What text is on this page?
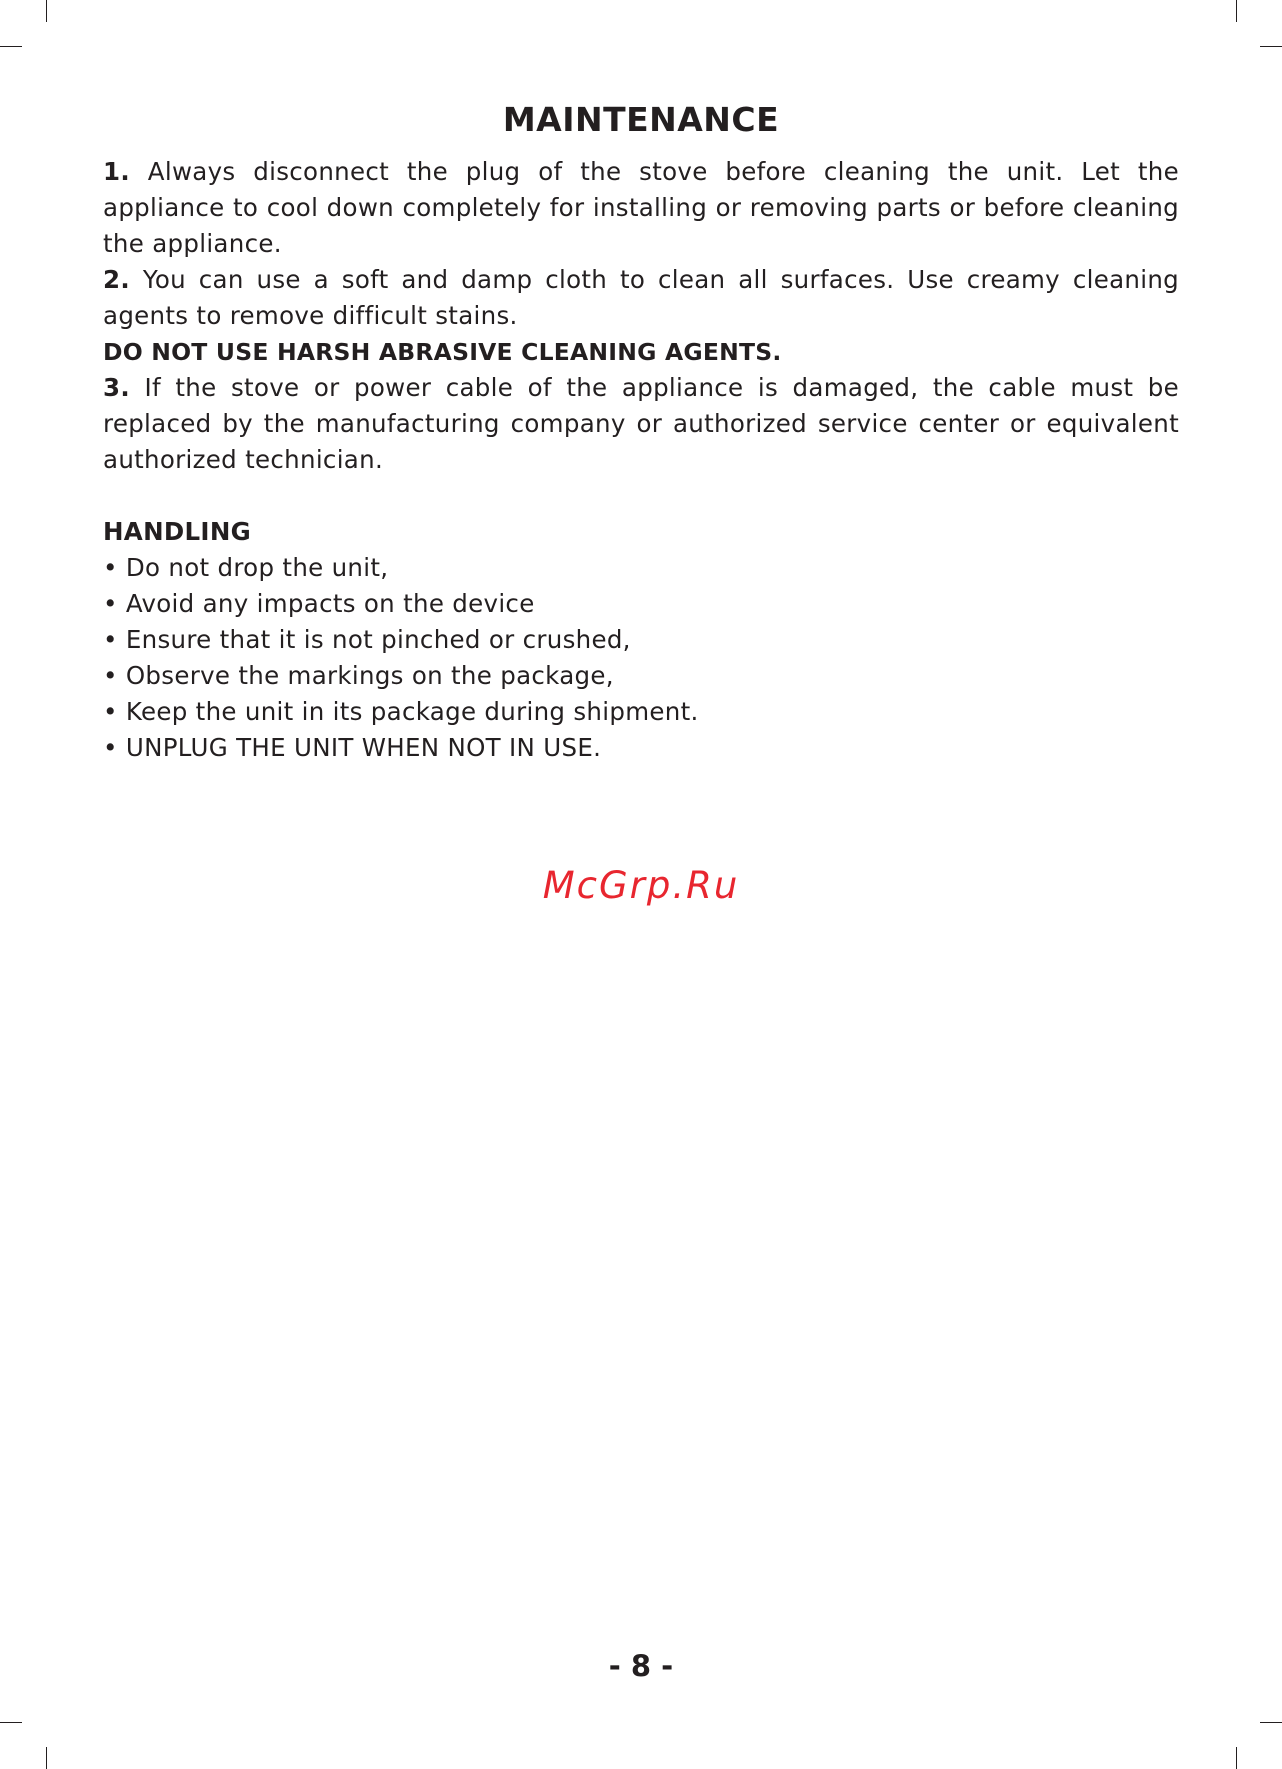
MAINTENANCE

1. Always disconnect the plug of the stove before cleaning the unit. Let the appliance to cool down completely for installing or removing parts or before cleaning the appliance.

2. You can use a soft and damp cloth to clean all surfaces. Use creamy cleaning agents to remove difficult stains.

DO NOT USE HARSH ABRASIVE CLEANING AGENTS.

3. If the stove or power cable of the appliance is damaged, the cable must be replaced by the manufacturing company or authorized service center or equivalent authorized technician.

HANDLING

• Do not drop the unit,
• Avoid any impacts on the device
• Ensure that it is not pinched or crushed,
• Observe the markings on the package,
• Keep the unit in its package during shipment.
• UNPLUG THE UNIT WHEN NOT IN USE.
McGrp.Ru
- 8 -
